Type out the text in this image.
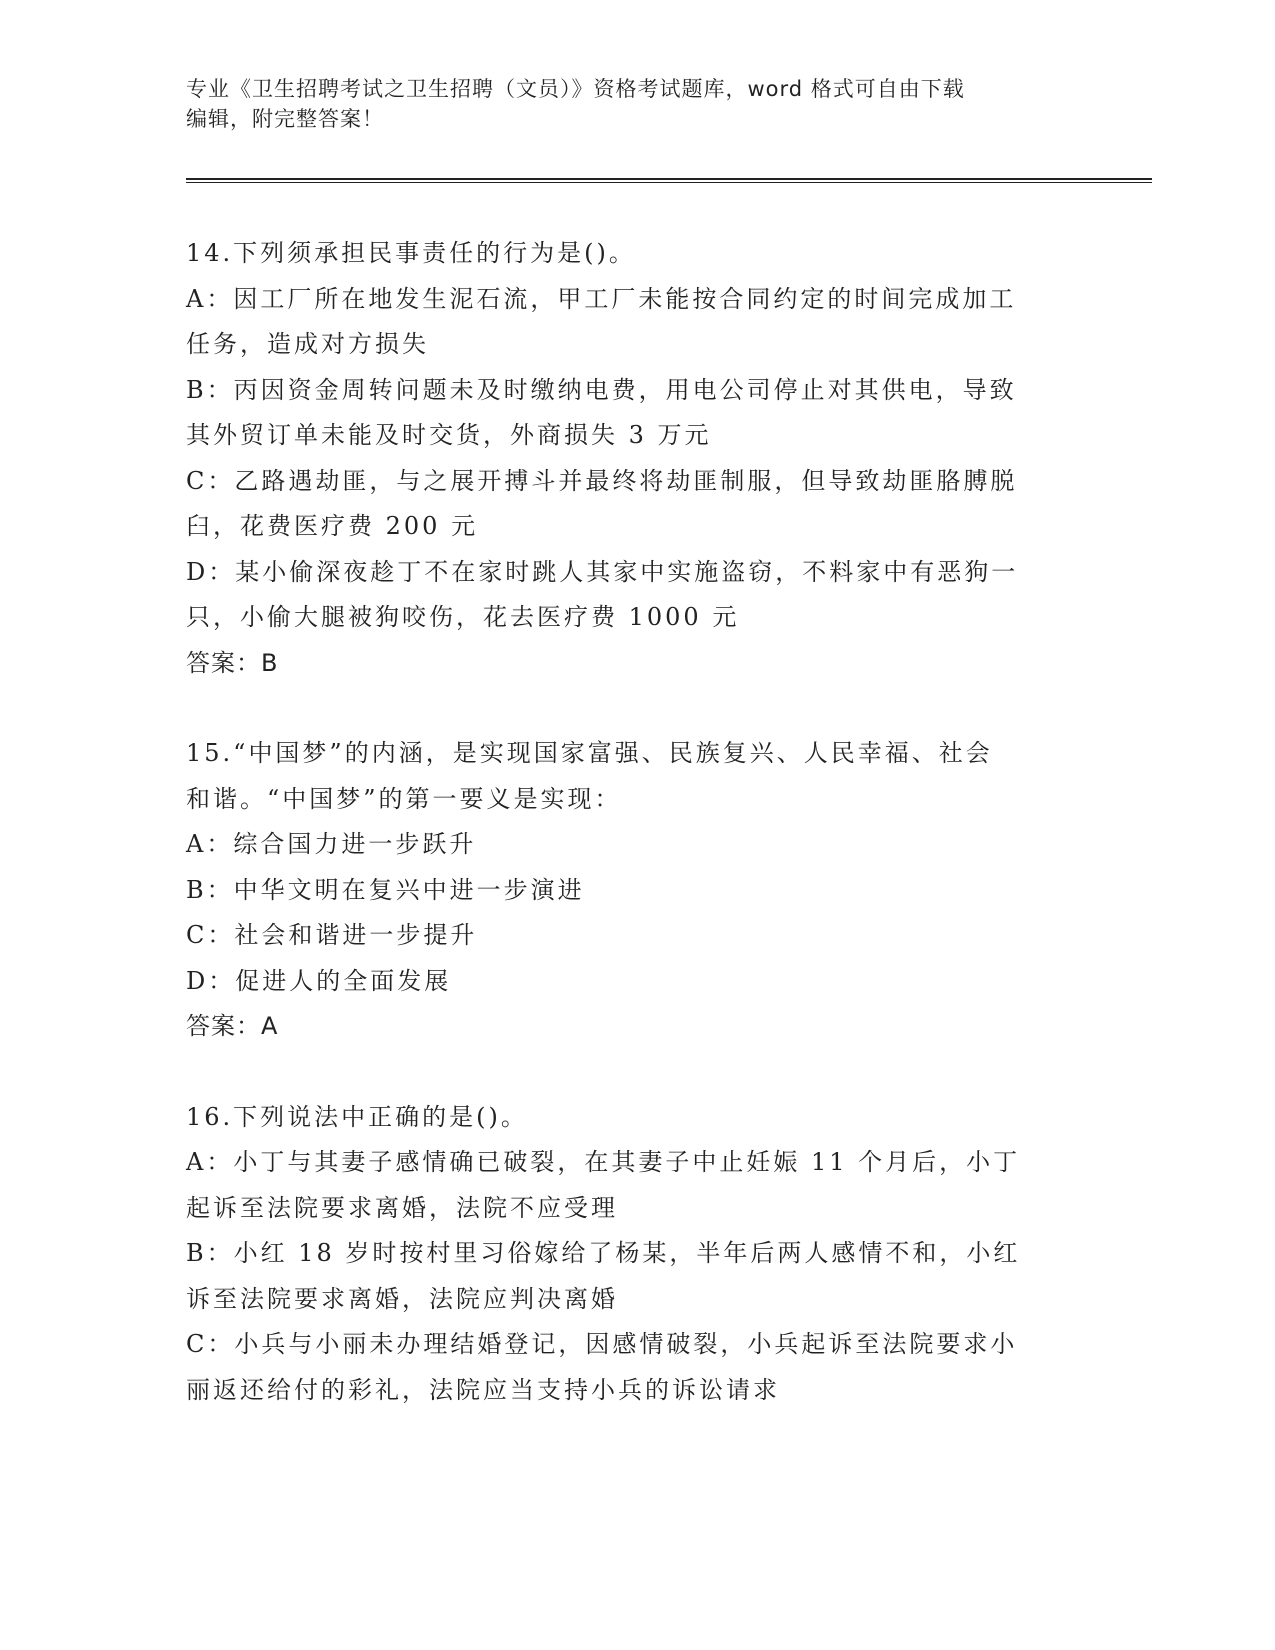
专业《卫生招聘考试之卫生招聘（文员）》资格考试题库，word 格式可自由下载
编辑，附完整答案！
14.下列须承担民事责任的行为是()。
A：因工厂所在地发生泥石流，甲工厂未能按合同约定的时间完成加工
任务，造成对方损失
B：丙因资金周转问题未及时缴纳电费，用电公司停止对其供电，导致
其外贸订单未能及时交货，外商损失 3 万元
C：乙路遇劫匪，与之展开搏斗并最终将劫匪制服，但导致劫匪胳膊脱
臼，花费医疗费 200 元
D：某小偷深夜趁丁不在家时跳人其家中实施盗窃，不料家中有恶狗一
只，小偷大腿被狗咬伤，花去医疗费 1000 元
答案：B
15.“中国梦”的内涵，是实现国家富强、民族复兴、人民幸福、社会
和谐。“中国梦”的第一要义是实现：
A：综合国力进一步跃升
B：中华文明在复兴中进一步演进
C：社会和谐进一步提升
D：促进人的全面发展
答案：A
16.下列说法中正确的是()。
A：小丁与其妻子感情确已破裂，在其妻子中止妊娠 11 个月后，小丁
起诉至法院要求离婚，法院不应受理
B：小红 18 岁时按村里习俗嫁给了杨某，半年后两人感情不和，小红
诉至法院要求离婚，法院应判决离婚
C：小兵与小丽未办理结婚登记，因感情破裂，小兵起诉至法院要求小
丽返还给付的彩礼，法院应当支持小兵的诉讼请求
